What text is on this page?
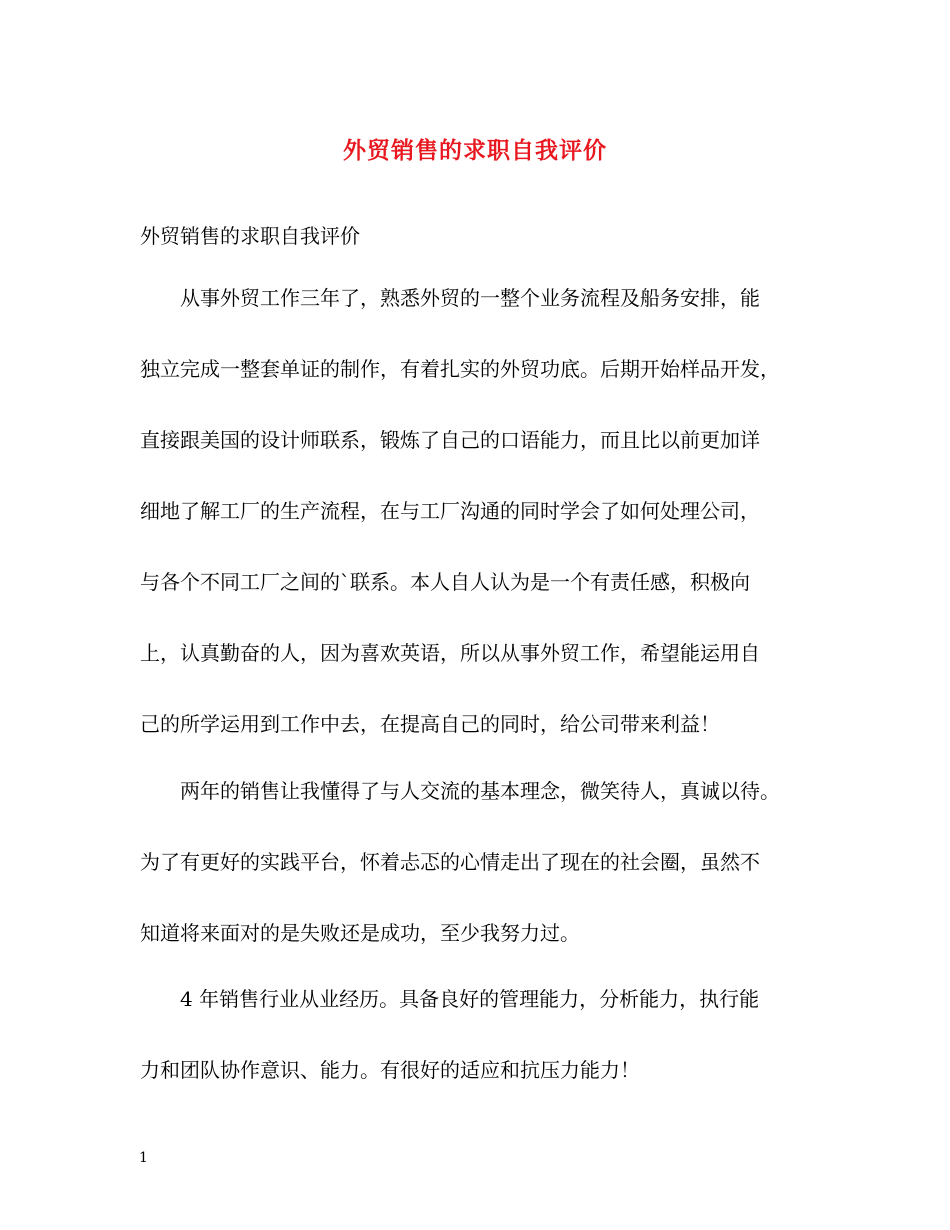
外贸销售的求职自我评价

外贸销售的求职自我评价

从事外贸工作三年了，熟悉外贸的一整个业务流程及船务安排，能

独立完成一整套单证的制作，有着扎实的外贸功底。后期开始样品开发，

直接跟美国的设计师联系，锻炼了自己的口语能力，而且比以前更加详

细地了解工厂的生产流程，在与工厂沟通的同时学会了如何处理公司，

与各个不同工厂之间的`联系。本人自人认为是一个有责任感，积极向

上，认真勤奋的人，因为喜欢英语，所以从事外贸工作，希望能运用自

己的所学运用到工作中去，在提高自己的同时，给公司带来利益！

两年的销售让我懂得了与人交流的基本理念，微笑待人，真诚以待。

为了有更好的实践平台，怀着忐忑的心情走出了现在的社会圈，虽然不

知道将来面对的是失败还是成功，至少我努力过。

4 年销售行业从业经历。具备良好的管理能力，分析能力，执行能

力和团队协作意识、能力。有很好的适应和抗压力能力！

1
